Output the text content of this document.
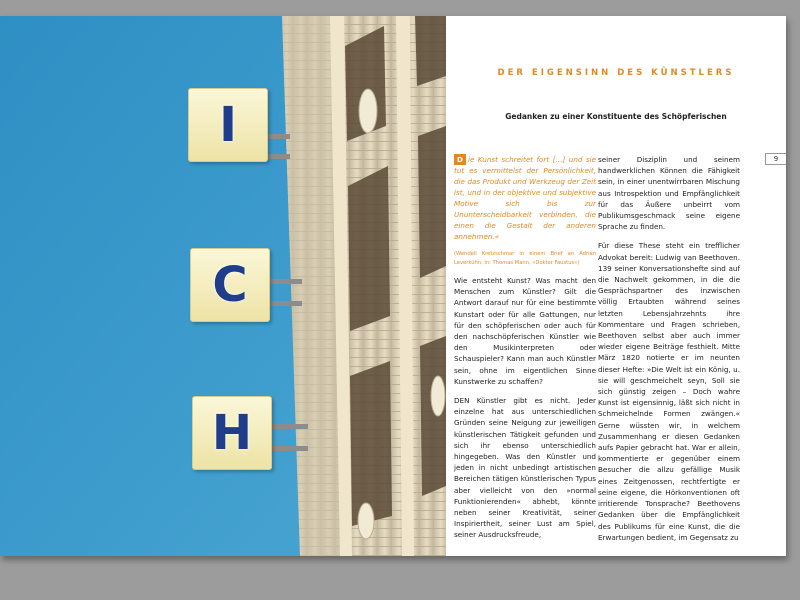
I
C
H
DER EIGENSINN DES KÜNSTLERS
Gedanken zu einer Konstituente des Schöpferischen
9
D ie Kunst schreitet fort […] und sie tut es vermittelst der Persönlichkeit, die das Produkt und Werkzeug der Zeit ist, und in der objektive und subjektive Motive sich bis zur Ununterscheidbarkeit verbinden, die einen die Gestalt der anderen annehmen.«
(Wendell Kretzschmar in einem Brief an Adrian Leverkühn, in: Thomas Mann, »Doktor Faustus«)

Wie entsteht Kunst? Was macht den Menschen zum Künstler? Gilt die Antwort darauf nur für eine bestimmte Kunstart oder für alle Gattungen, nur für den schöpferischen oder auch für den nachschöpferischen Künstler wie den Musikinterpreten oder Schauspieler? Kann man auch Künstler sein, ohne im eigentlichen Sinne Kunstwerke zu schaffen?

DEN Künstler gibt es nicht. Jeder einzelne hat aus unterschiedlichen Gründen seine Neigung zur jeweiligen künstlerischen Tätigkeit gefunden und sich ihr ebenso unterschiedlich hingegeben. Was den Künstler und jeden in nicht unbedingt artistischen Bereichen tätigen künstlerischen Typus aber vielleicht von den »normal Funktionierenden« abhebt, könnte neben seiner Kreativität, seiner Inspiriertheit, seiner Lust am Spiel, seiner Ausdrucksfreude,

seiner Disziplin und seinem handwerklichen Können die Fähigkeit sein, in einer unentwirrbaren Mischung aus Introspektion und Empfänglichkeit für das Äußere unbeirrt vom Publikumsgeschmack seine eigene Sprache zu finden.

Für diese These steht ein trefflicher Advokat bereit: Ludwig van Beethoven. 139 seiner Konversationshefte sind auf die Nachwelt gekommen, in die die Gesprächspartner des inzwischen völlig Ertaubten während seines letzten Lebensjahrzehnts ihre Kommentare und Fragen schrieben, Beethoven selbst aber auch immer wieder eigene Beiträge festhielt. Mitte März 1820 notierte er im neunten dieser Hefte: »Die Welt ist ein König, u. sie will geschmeichelt seyn, Soll sie sich günstig zeigen – Doch wahre Kunst ist eigensinnig, läßt sich nicht in Schmeichelnde Formen zwängen.« Gerne wüssten wir, in welchem Zusammenhang er diesen Gedanken aufs Papier gebracht hat. War er allein, kommentierte er gegenüber einem Besucher die allzu gefällige Musik eines Zeitgenossen, rechtfertigte er seine eigene, die Hörkonventionen oft irritierende Tonsprache? Beethovens Gedanken über die Empfänglichkeit des Publikums für eine Kunst, die die Erwartungen bedient, im Gegensatz zu
